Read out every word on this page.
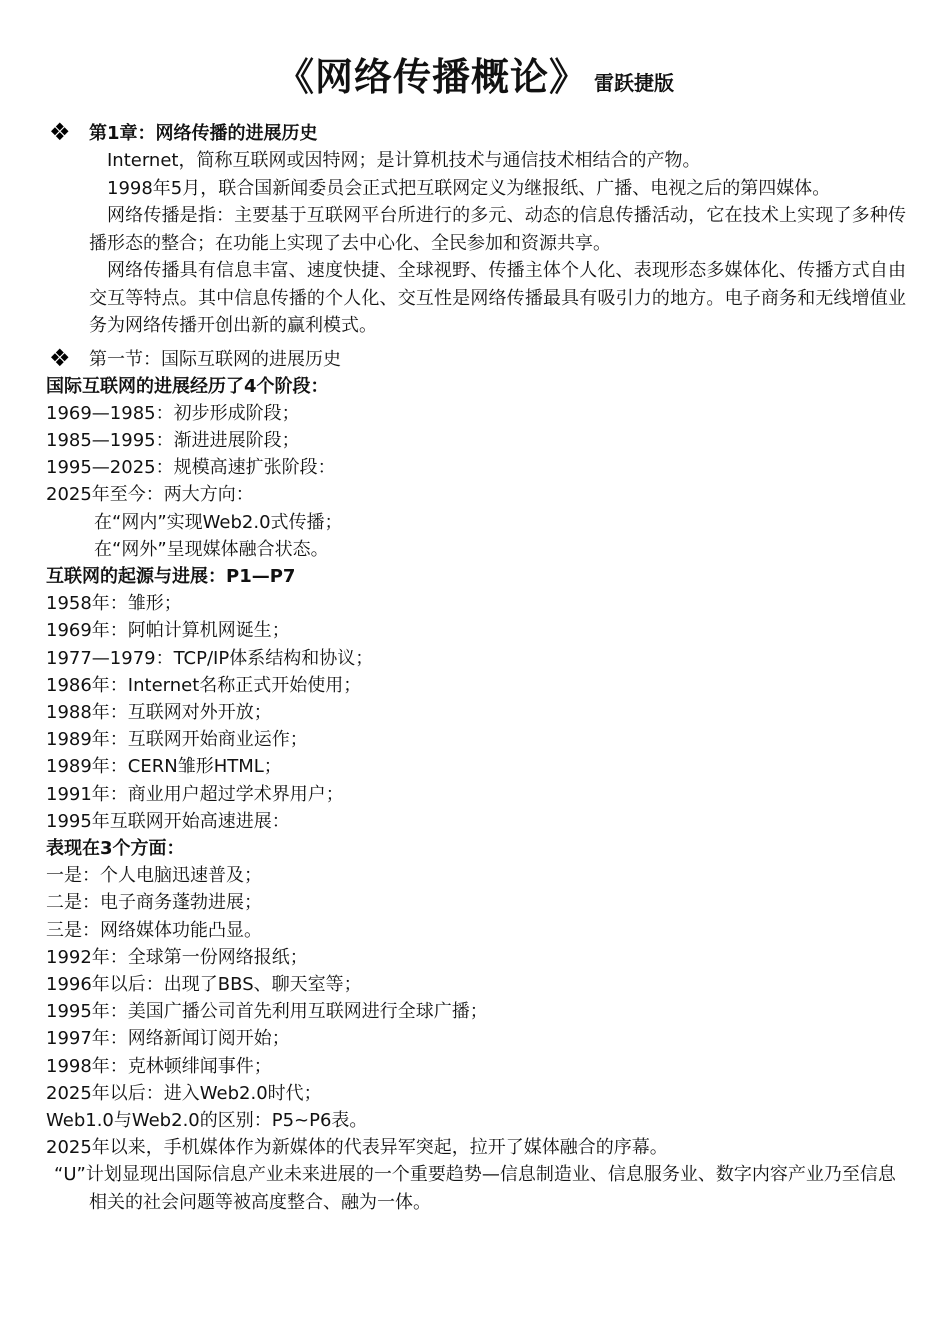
《网络传播概论》 雷跃捷版
❖ 第1章：网络传播的进展历史
Internet，简称互联网或因特网；是计算机技术与通信技术相结合的产物。
1998年5月，联合国新闻委员会正式把互联网定义为继报纸、广播、电视之后的第四媒体。
网络传播是指：主要基于互联网平台所进行的多元、动态的信息传播活动，它在技术上实现了多种传播形态的整合；在功能上实现了去中心化、全民参加和资源共享。
网络传播具有信息丰富、速度快捷、全球视野、传播主体个人化、表现形态多媒体化、传播方式自由交互等特点。其中信息传播的个人化、交互性是网络传播最具有吸引力的地方。电子商务和无线增值业务为网络传播开创出新的赢利模式。
❖ 第一节：国际互联网的进展历史
国际互联网的进展经历了4个阶段：
1969—1985：初步形成阶段；
1985—1995：渐进进展阶段；
1995—2025：规模高速扩张阶段：
2025年至今：两大方向：
在“网内”实现Web2.0式传播；
在“网外”呈现媒体融合状态。
互联网的起源与进展：P1—P7
1958年：雏形；
1969年：阿帕计算机网诞生；
1977—1979：TCP/IP体系结构和协议；
1986年：Internet名称正式开始使用；
1988年：互联网对外开放；
1989年：互联网开始商业运作；
1989年：CERN雏形HTML；
1991年：商业用户超过学术界用户；
1995年互联网开始高速进展：
表现在3个方面：
一是：个人电脑迅速普及；
二是：电子商务蓬勃进展；
三是：网络媒体功能凸显。
1992年：全球第一份网络报纸；
1996年以后：出现了BBS、聊天室等；
1995年：美国广播公司首先利用互联网进行全球广播；
1997年：网络新闻订阅开始；
1998年：克林顿绯闻事件；
2025年以后：进入Web2.0时代；
Web1.0与Web2.0的区别：P5~P6表。
2025年以来，手机媒体作为新媒体的代表异军突起，拉开了媒体融合的序幕。
“U”计划显现出国际信息产业未来进展的一个重要趋势—信息制造业、信息服务业、数字内容产业乃至信息相关的社会问题等被高度整合、融为一体。
